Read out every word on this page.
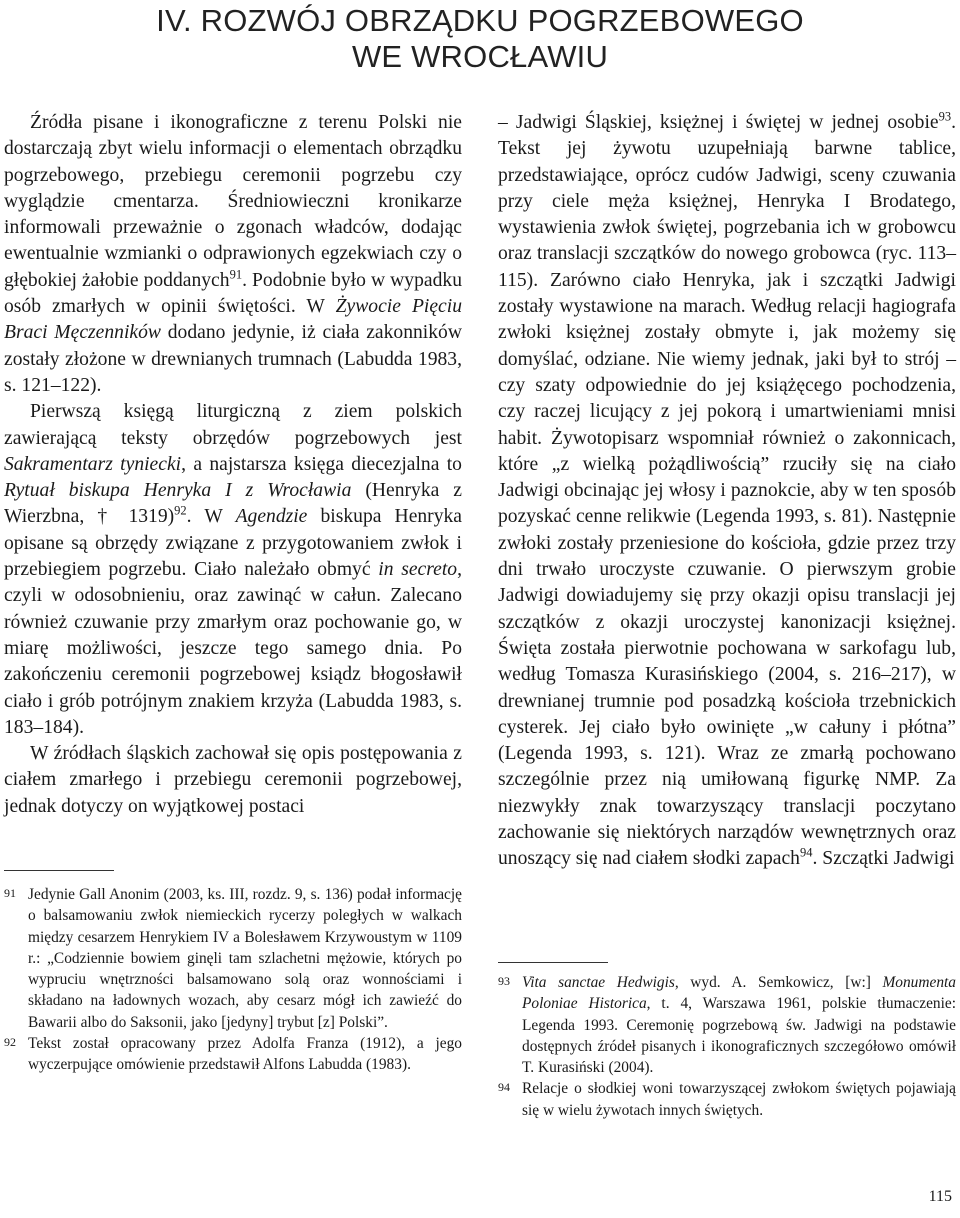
IV. ROZWÓJ OBRZĄDKU POGRZEBOWEGO
WE WROCŁAWIU

Źródła pisane i ikonograficzne z terenu Polski nie dostarczają zbyt wielu informacji o elementach obrządku pogrzebowego, przebiegu ceremonii pogrzebu czy wyglądzie cmentarza. Średniowieczni kronikarze informowali przeważnie o zgonach władców, dodając ewentualnie wzmianki o odprawionych egzekwiach czy o głębokiej żałobie poddanych$^{91}$. Podobnie było w wypadku osób zmarłych w opinii świętości. W Żywocie Pięciu Braci Męczenników dodano jedynie, iż ciała zakonników zostały złożone w drewnianych trumnach (Labudda 1983, s. 121–122).

Pierwszą księgą liturgiczną z ziem polskich zawierającą teksty obrzędów pogrzebowych jest Sakramentarz tyniecki, a najstarsza księga diecezjalna to Rytuał biskupa Henryka I z Wrocławia (Henryka z Wierzbna, † 1319)$^{92}$. W Agendzie biskupa Henryka opisane są obrzędy związane z przygotowaniem zwłok i przebiegiem pogrzebu. Ciało należało obmyć in secreto, czyli w odosobnieniu, oraz zawinąć w całun. Zalecano również czuwanie przy zmarłym oraz pochowanie go, w miarę możliwości, jeszcze tego samego dnia. Po zakończeniu ceremonii pogrzebowej ksiądz błogosławił ciało i grób potrójnym znakiem krzyża (Labudda 1983, s. 183–184).

W źródłach śląskich zachował się opis postępowania z ciałem zmarłego i przebiegu ceremonii pogrzebowej, jednak dotyczy on wyjątkowej postaci

91 Jedynie Gall Anonim (2003, ks. III, rozdz. 9, s. 136) podał informację o balsamowaniu zwłok niemieckich rycerzy poległych w walkach między cesarzem Henrykiem IV a Bolesławem Krzywoustym w 1109 r.: „Codziennie bowiem ginęli tam szlachetni mężowie, których po wypruciu wnętrzności balsamowano solą oraz wonnościami i składano na ładownych wozach, aby cesarz mógł ich zawieźć do Bawarii albo do Saksonii, jako [jedyny] trybut [z] Polski”.

92 Tekst został opracowany przez Adolfa Franza (1912), a jego wyczerpujące omówienie przedstawił Alfons Labudda (1983).

– Jadwigi Śląskiej, księżnej i świętej w jednej osobie$^{93}$. Tekst jej żywotu uzupełniają barwne tablice, przedstawiające, oprócz cudów Jadwigi, sceny czuwania przy ciele męża księżnej, Henryka I Brodatego, wystawienia zwłok świętej, pogrzebania ich w grobowcu oraz translacji szczątków do nowego grobowca (ryc. 113–115). Zarówno ciało Henryka, jak i szczątki Jadwigi zostały wystawione na marach. Według relacji hagiografa zwłoki księżnej zostały obmyte i, jak możemy się domyślać, odziane. Nie wiemy jednak, jaki był to strój – czy szaty odpowiednie do jej książęcego pochodzenia, czy raczej licujący z jej pokorą i umartwieniami mnisi habit. Żywotopisarz wspomniał również o zakonnicach, które „z wielką pożądliwością” rzuciły się na ciało Jadwigi obcinając jej włosy i paznokcie, aby w ten sposób pozyskać cenne relikwie (Legenda 1993, s. 81). Następnie zwłoki zostały przeniesione do kościoła, gdzie przez trzy dni trwało uroczyste czuwanie. O pierwszym grobie Jadwigi dowiadujemy się przy okazji opisu translacji jej szczątków z okazji uroczystej kanonizacji księżnej. Święta została pierwotnie pochowana w sarkofagu lub, według Tomasza Kurasińskiego (2004, s. 216–217), w drewnianej trumnie pod posadzką kościoła trzebnickich cysterek. Jej ciało było owinięte „w całuny i płótna” (Legenda 1993, s. 121). Wraz ze zmarłą pochowano szczególnie przez nią umiłowaną figurkę NMP. Za niezwykły znak towarzyszący translacji poczytano zachowanie się niektórych narządów wewnętrznych oraz unoszący się nad ciałem słodki zapach$^{94}$. Szczątki Jadwigi

93 Vita sanctae Hedwigis, wyd. A. Semkowicz, [w:] Monumenta Poloniae Historica, t. 4, Warszawa 1961, polskie tłumaczenie: Legenda 1993. Ceremonię pogrzebową św. Jadwigi na podstawie dostępnych źródeł pisanych i ikonograficznych szczegółowo omówił T. Kurasiński (2004).

94 Relacje o słodkiej woni towarzyszącej zwłokom świętych pojawiają się w wielu żywotach innych świętych.

115
